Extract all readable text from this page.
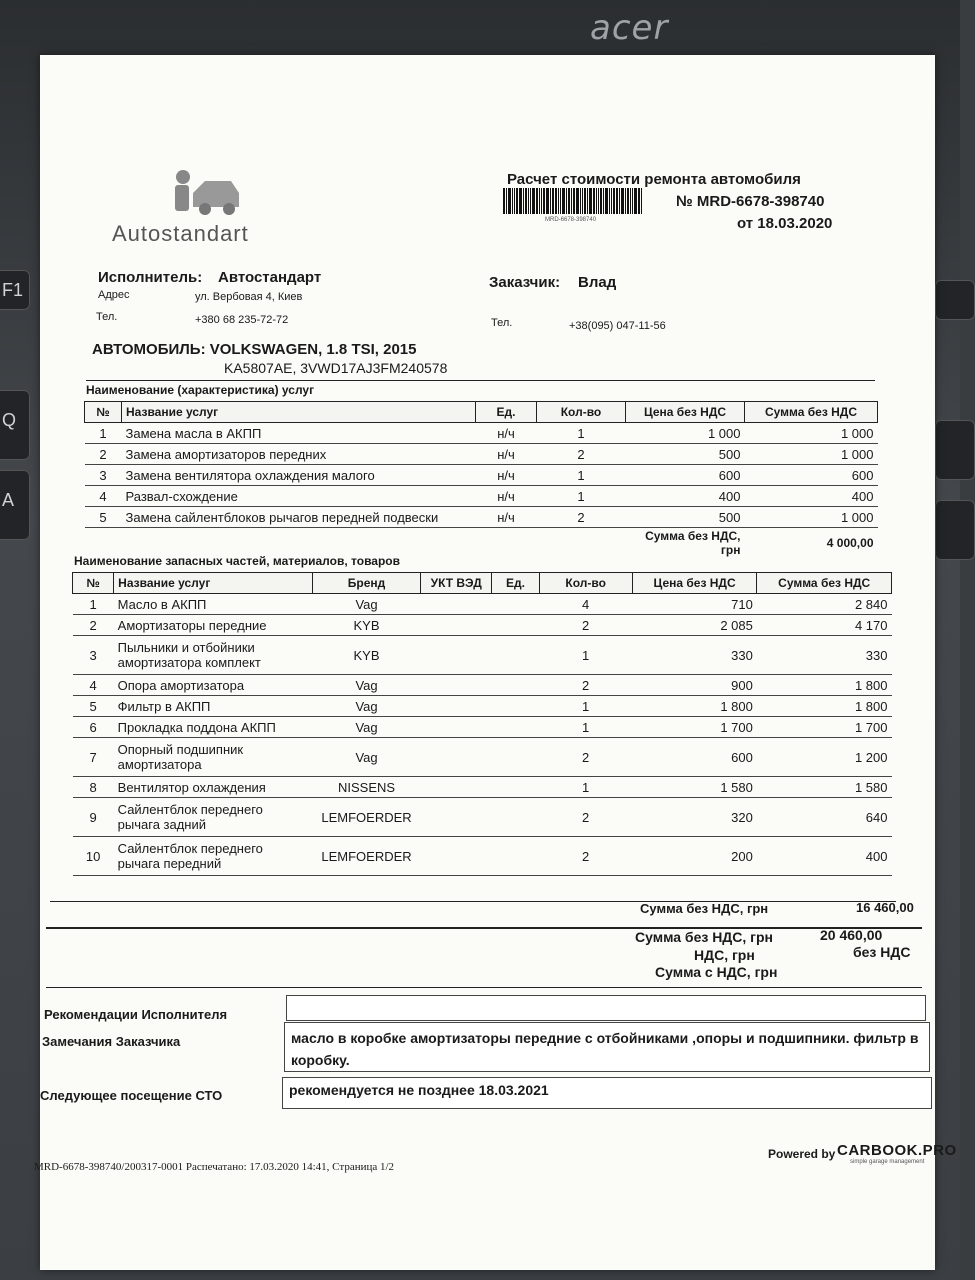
acer
F1
Q
A
Autostandart
Расчет стоимости ремонта автомобиля
MRD-6678-398740
№ MRD-6678-398740
от 18.03.2020
Исполнитель: Автостандарт
Адрес	ул. Вербовая 4, Киев
Тел.	+380 68 235-72-72
Заказчик: Влад
Тел.	+38(095) 047-11-56
АВТОМОБИЛЬ: VOLKSWAGEN, 1.8 TSI, 2015
KA5807AE, 3VWD17AJ3FM240578
Наименование (характеристика) услуг
№	Название услуг	Ед.	Кол-во	Цена без НДС	Сумма без НДС
1	Замена масла в АКПП	н/ч	1	1 000	1 000
2	Замена амортизаторов передних	н/ч	2	500	1 000
3	Замена вентилятора охлаждения малого	н/ч	1	600	600
4	Развал-схождение	н/ч	1	400	400
5	Замена сайлентблоков рычагов передней подвески	н/ч	2	500	1 000
				Сумма без НДС, грн	4 000,00
Наименование запасных частей, материалов, товаров
№	Название услуг	Бренд	УКТ ВЭД	Ед.	Кол-во	Цена без НДС	Сумма без НДС
1	Масло в АКПП	Vag			4	710	2 840
2	Амортизаторы передние	KYB			2	2 085	4 170
3	Пыльники и отбойники амортизатора комплект	KYB			1	330	330
4	Опора амортизатора	Vag			2	900	1 800
5	Фильтр в АКПП	Vag			1	1 800	1 800
6	Прокладка поддона АКПП	Vag			1	1 700	1 700
7	Опорный подшипник амортизатора	Vag			2	600	1 200
8	Вентилятор охлаждения	NISSENS			1	1 580	1 580
9	Сайлентблок переднего рычага задний	LEMFOERDER			2	320	640
10	Сайлентблок переднего рычага передний	LEMFOERDER			2	200	400
Сумма без НДС, грн	16 460,00
Сумма без НДС, грн	20 460,00
НДС, грн	без НДС
Сумма с НДС, грн
Рекомендации Исполнителя
Замечания Заказчика	масло в коробке амортизаторы передние с отбойниками ,опоры и подшипники. фильтр в коробку.
Следующее посещение СТО	рекомендуется не позднее 18.03.2021
Powered by CARBOOK.PRO
simple garage management
MRD-6678-398740/200317-0001 Распечатано: 17.03.2020 14:41, Страница 1/2
